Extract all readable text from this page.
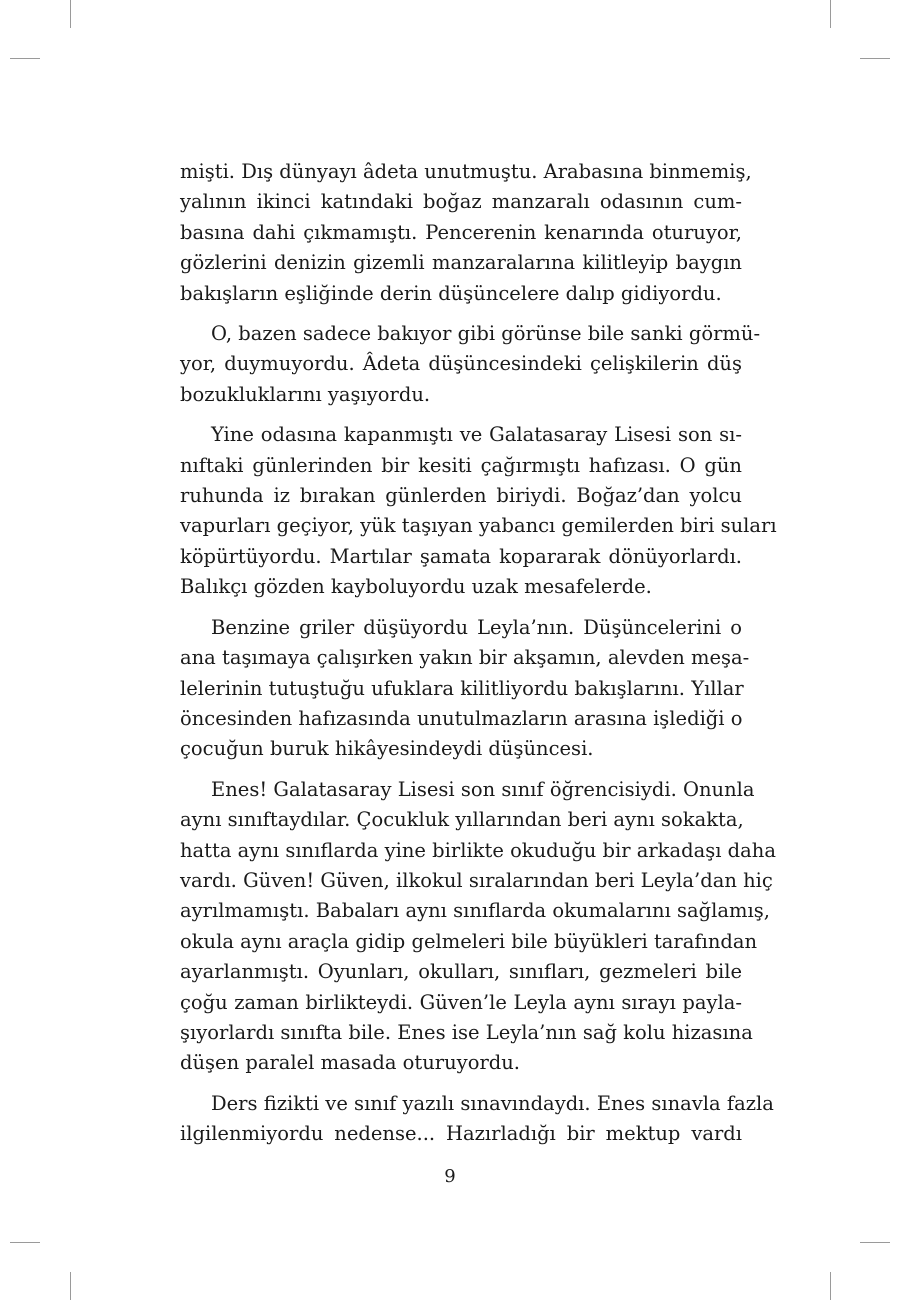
mişti. Dış dünyayı âdeta unutmuştu. Arabasına binmemiş,
yalının ikinci katındaki boğaz manzaralı odasının cum-
basına dahi çıkmamıştı. Pencerenin kenarında oturuyor,
gözlerini denizin gizemli manzaralarına kilitleyip baygın
bakışların eşliğinde derin düşüncelere dalıp gidiyordu.
O, bazen sadece bakıyor gibi görünse bile sanki görmü-
yor, duymuyordu. Âdeta düşüncesindeki çelişkilerin düş
bozukluklarını yaşıyordu.
Yine odasına kapanmıştı ve Galatasaray Lisesi son sı-
nıftaki günlerinden bir kesiti çağırmıştı hafızası. O gün
ruhunda iz bırakan günlerden biriydi. Boğaz’dan yolcu
vapurları geçiyor, yük taşıyan yabancı gemilerden biri suları
köpürtüyordu. Martılar şamata kopararak dönüyorlardı.
Balıkçı gözden kayboluyordu uzak mesafelerde.
Benzine griler düşüyordu Leyla’nın. Düşüncelerini o
ana taşımaya çalışırken yakın bir akşamın, alevden meşa-
lelerinin tutuştuğu ufuklara kilitliyordu bakışlarını. Yıllar
öncesinden hafızasında unutulmazların arasına işlediği o
çocuğun buruk hikâyesindeydi düşüncesi.
Enes! Galatasaray Lisesi son sınıf öğrencisiydi. Onunla
aynı sınıftaydılar. Çocukluk yıllarından beri aynı sokakta,
hatta aynı sınıflarda yine birlikte okuduğu bir arkadaşı daha
vardı. Güven! Güven, ilkokul sıralarından beri Leyla’dan hiç
ayrılmamıştı. Babaları aynı sınıflarda okumalarını sağlamış,
okula aynı araçla gidip gelmeleri bile büyükleri tarafından
ayarlanmıştı. Oyunları, okulları, sınıfları, gezmeleri bile
çoğu zaman birlikteydi. Güven’le Leyla aynı sırayı payla-
şıyorlardı sınıfta bile. Enes ise Leyla’nın sağ kolu hizasına
düşen paralel masada oturuyordu.
Ders fizikti ve sınıf yazılı sınavındaydı. Enes sınavla fazla
ilgilenmiyordu nedense... Hazırladığı bir mektup vardı
9
